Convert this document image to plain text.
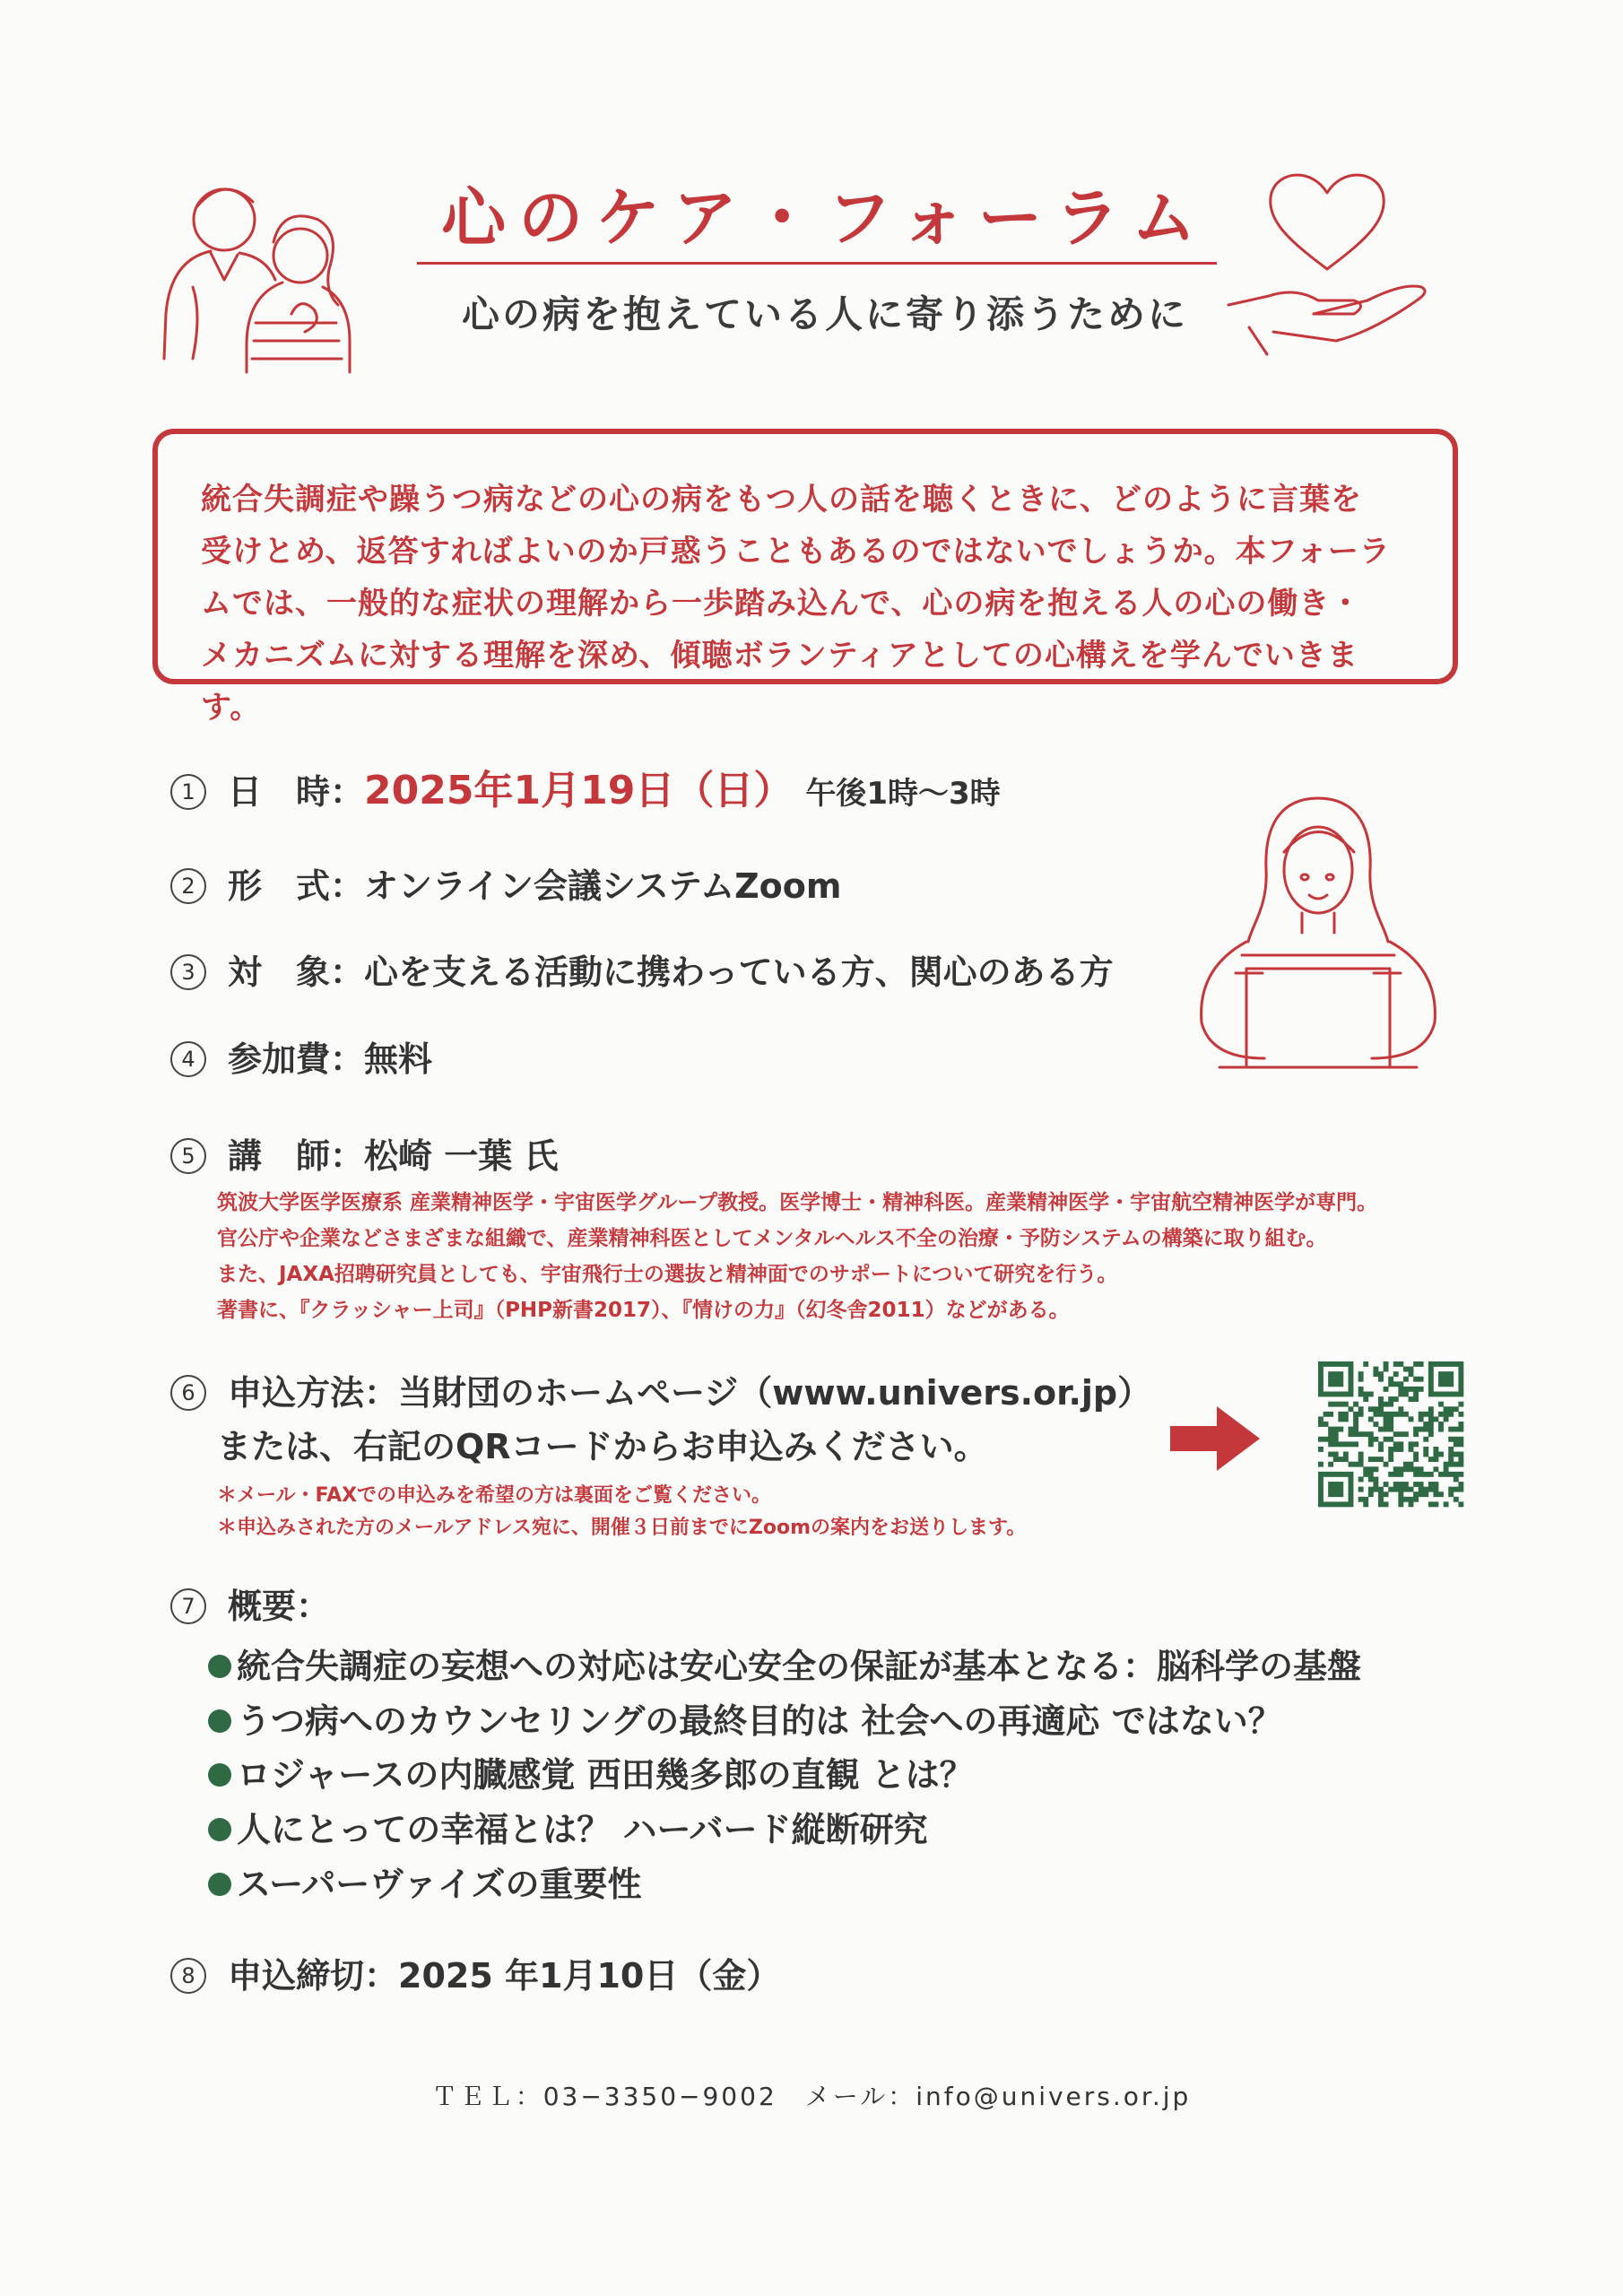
心のケア・フォーラム
心の病を抱えている人に寄り添うために
統合失調症や躁うつ病などの心の病をもつ人の話を聴くときに、どのように言葉を
受けとめ、返答すればよいのか戸惑うこともあるのではないでしょうか。本フォーラ
ムでは、一般的な症状の理解から一歩踏み込んで、心の病を抱える人の心の働き・
メカニズムに対する理解を深め、傾聴ボランティアとしての心構えを学んでいきます。
1 日　時：2025年1月19日（日） 午後1時〜3時
2 形　式：オンライン会議システムZoom
3 対　象：心を支える活動に携わっている方、関心のある方
4 参加費：無料
5 講　師：松崎 一葉 氏
筑波大学医学医療系 産業精神医学・宇宙医学グループ教授。医学博士・精神科医。産業精神医学・宇宙航空精神医学が専門。
官公庁や企業などさまざまな組織で、産業精神科医としてメンタルヘルス不全の治療・予防システムの構築に取り組む。
また、JAXA招聘研究員としても、宇宙飛行士の選抜と精神面でのサポートについて研究を行う。
著書に、『クラッシャー上司』（PHP新書2017）、『情けの力』（幻冬舎2011）などがある。
6 申込方法：当財団のホームページ（www.univers.or.jp）
または、右記のQRコードからお申込みください。
＊メール・FAXでの申込みを希望の方は裏面をご覧ください。
＊申込みされた方のメールアドレス宛に、開催３日前までにZoomの案内をお送りします。
7 概要：
統合失調症の妄想への対応は安心安全の保証が基本となる：脳科学の基盤
うつ病へのカウンセリングの最終目的は 社会への再適応 ではない？
ロジャースの内臓感覚 西田幾多郎の直観 とは？
人にとっての幸福とは？ ハーバード縦断研究
スーパーヴァイズの重要性
8 申込締切：2025 年1月10日（金）
ＴＥＬ：03−3350−9002　メール：info@univers.or.jp
